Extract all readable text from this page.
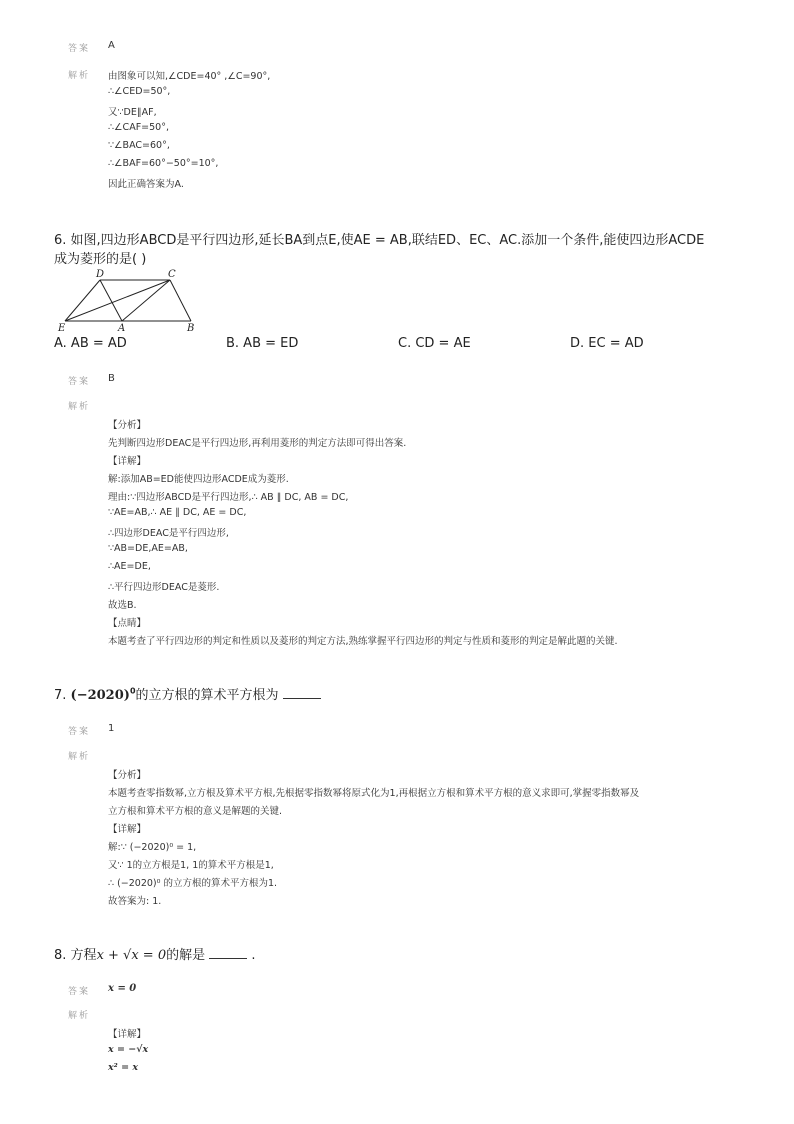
答案 A
解析 由图象可以知,∠CDE=40° ,∠C=90°,
∴∠CED=50°,
又∵DE∥AF,
∴∠CAF=50°,
∵∠BAC=60°,
∴∠BAF=60°−50°=10°,
因此正确答案为A.
6. 如图,四边形ABCD是平行四边形,延长BA到点E,使AE = AB,联结ED、EC、AC.添加一个条件,能使四边形ACDE
成为菱形的是( )
D	C
E	A	B
A. AB = AD	B. AB = ED	C. CD = AE	D. EC = AD
答案 B
解析
【分析】
先判断四边形DEAC是平行四边形,再利用菱形的判定方法即可得出答案.
【详解】
解:添加AB=ED能使四边形ACDE成为菱形.
理由:∵四边形ABCD是平行四边形,∴ AB ∥ DC, AB = DC,
∵AE=AB,∴ AE ∥ DC, AE = DC,
∴四边形DEAC是平行四边形,
∵AB=DE,AE=AB,
∴AE=DE,
∴平行四边形DEAC是菱形.
故选B.
【点睛】
本题考查了平行四边形的判定和性质以及菱形的判定方法,熟练掌握平行四边形的判定与性质和菱形的判定是解此题的关键.
7. $(-2020)^0$的立方根的算术平方根为
答案 1
解析
【分析】
本题考查零指数幂,立方根及算术平方根,先根据零指数幂将原式化为1,再根据立方根和算术平方根的意义求即可,掌握零指数幂及
立方根和算术平方根的意义是解题的关键.
【详解】
解:∵ (−2020)⁰ = 1,
又∵ 1的立方根是1, 1的算术平方根是1,
∴ (−2020)⁰ 的立方根的算术平方根为1.
故答案为: 1.
8. 方程x + √x = 0的解是	.
答案 x = 0
解析
【详解】
x = −√x
x² = x
